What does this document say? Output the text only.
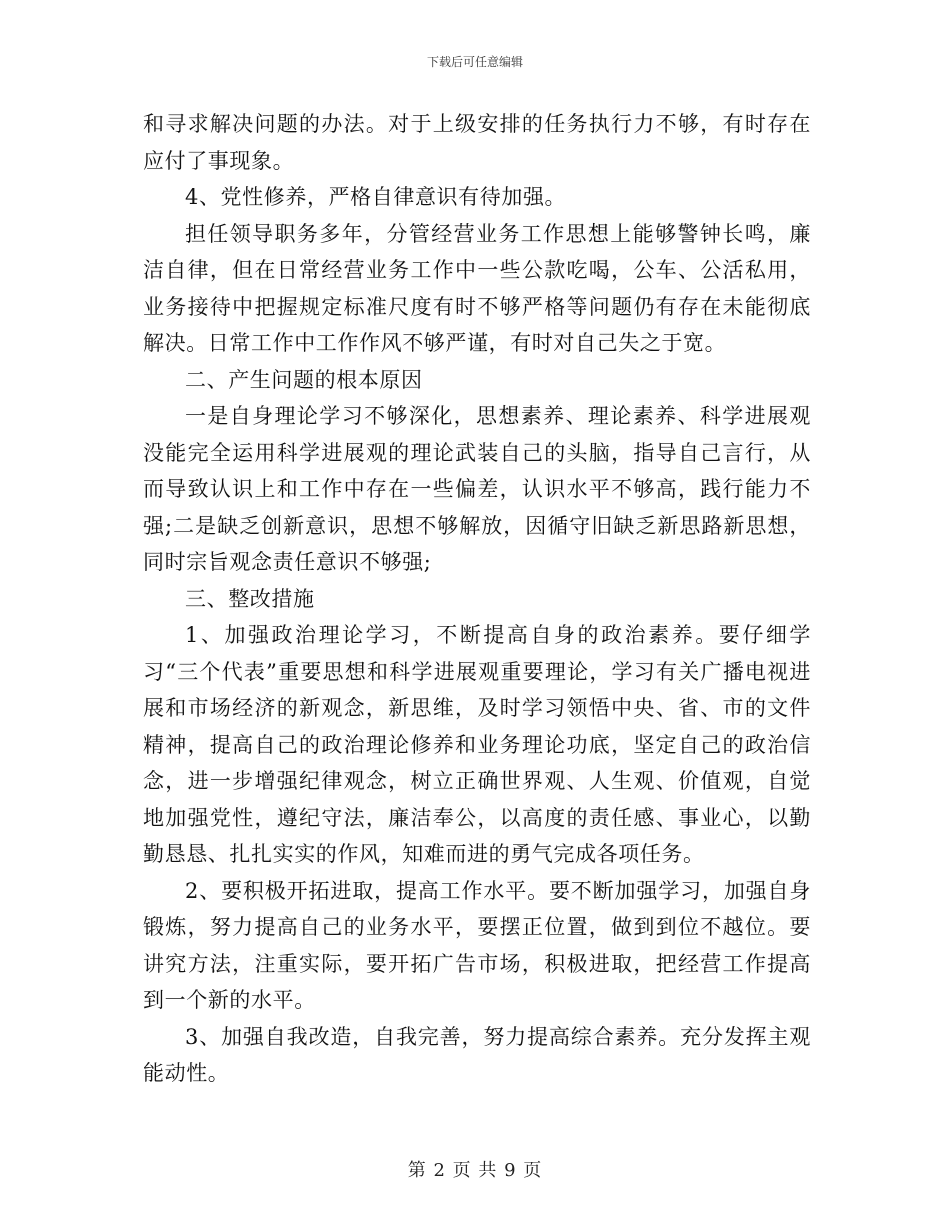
下载后可任意编辑

和寻求解决问题的办法。对于上级安排的任务执行力不够，有时存在应付了事现象。

4、党性修养，严格自律意识有待加强。

担任领导职务多年，分管经营业务工作思想上能够警钟长鸣，廉洁自律，但在日常经营业务工作中一些公款吃喝，公车、公活私用，业务接待中把握规定标准尺度有时不够严格等问题仍有存在未能彻底解决。日常工作中工作作风不够严谨，有时对自己失之于宽。

二、产生问题的根本原因

一是自身理论学习不够深化，思想素养、理论素养、科学进展观没能完全运用科学进展观的理论武装自己的头脑，指导自己言行，从而导致认识上和工作中存在一些偏差，认识水平不够高，践行能力不强;二是缺乏创新意识，思想不够解放，因循守旧缺乏新思路新思想，同时宗旨观念责任意识不够强;

三、整改措施

1、加强政治理论学习，不断提高自身的政治素养。要仔细学习“三个代表”重要思想和科学进展观重要理论，学习有关广播电视进展和市场经济的新观念，新思维，及时学习领悟中央、省、市的文件精神，提高自己的政治理论修养和业务理论功底，坚定自己的政治信念，进一步增强纪律观念，树立正确世界观、人生观、价值观，自觉地加强党性，遵纪守法，廉洁奉公，以高度的责任感、事业心，以勤勤恳恳、扎扎实实的作风，知难而进的勇气完成各项任务。

2、要积极开拓进取，提高工作水平。要不断加强学习，加强自身锻炼，努力提高自己的业务水平，要摆正位置，做到到位不越位。要讲究方法，注重实际，要开拓广告市场，积极进取，把经营工作提高到一个新的水平。

3、加强自我改造，自我完善，努力提高综合素养。充分发挥主观能动性。

第 2 页 共 9 页
